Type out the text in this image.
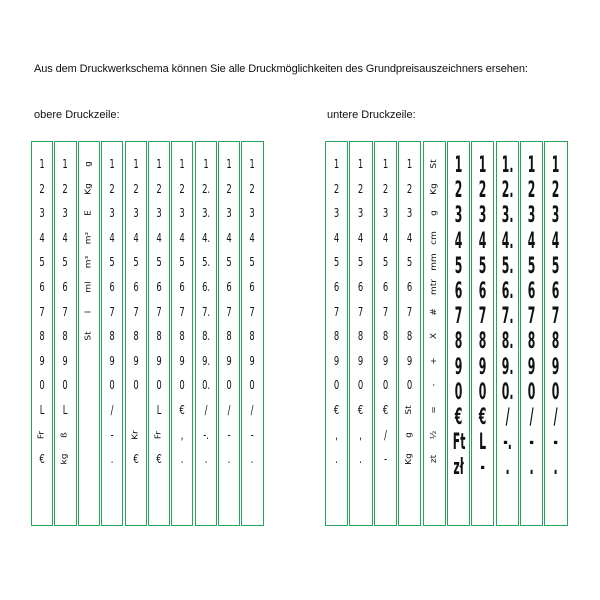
Aus dem Druckwerkschema können Sie alle Druckmöglichkeiten des Grundpreisauszeichners ersehen:
obere Druckzeile:	untere Druckzeile:
1
2
3
4
5
6
7
8
9
0
L
Fr
€
1
2
3
4
5
6
7
8
9
0
L
ß
kg
g
Kg
E
m²
m³
ml
l
St
1
2
3
4
5
6
7
8
9
0
/
-
.
1
2
3
4
5
6
7
8
9
0
Kr
€
1
2
3
4
5
6
7
8
9
0
L
Fr
€
1
2
3
4
5
6
7
8
9
0
€
,
.
1
2.
3.
4.
5.
6.
7.
8.
9.
0.
/
-.
.
1
2
3
4
5
6
7
8
9
0
/
-
.
1
2
3
4
5
6
7
8
9
0
/
-
.
1
2
3
4
5
6
7
8
9
0
€
,
.
1
2
3
4
5
6
7
8
9
0
€
,
.
1
2
3
4
5
6
7
8
9
0
€
/
-
1
2
3
4
5
6
7
8
9
0
St
g
Kg
St
Kg
g
cm
mm
mtr
#
X
+
-
=
½
zt
1
2
3
4
5
6
7
8
9
0
€
Ft
zł
1
2
3
4
5
6
7
8
9
0
€
L
-
1.
2.
3.
4.
5.
6.
7.
8.
9.
0.
/
-.
.
1
2
3
4
5
6
7
8
9
0
/
-
.
1
2
3
4
5
6
7
8
9
0
/
-
.
